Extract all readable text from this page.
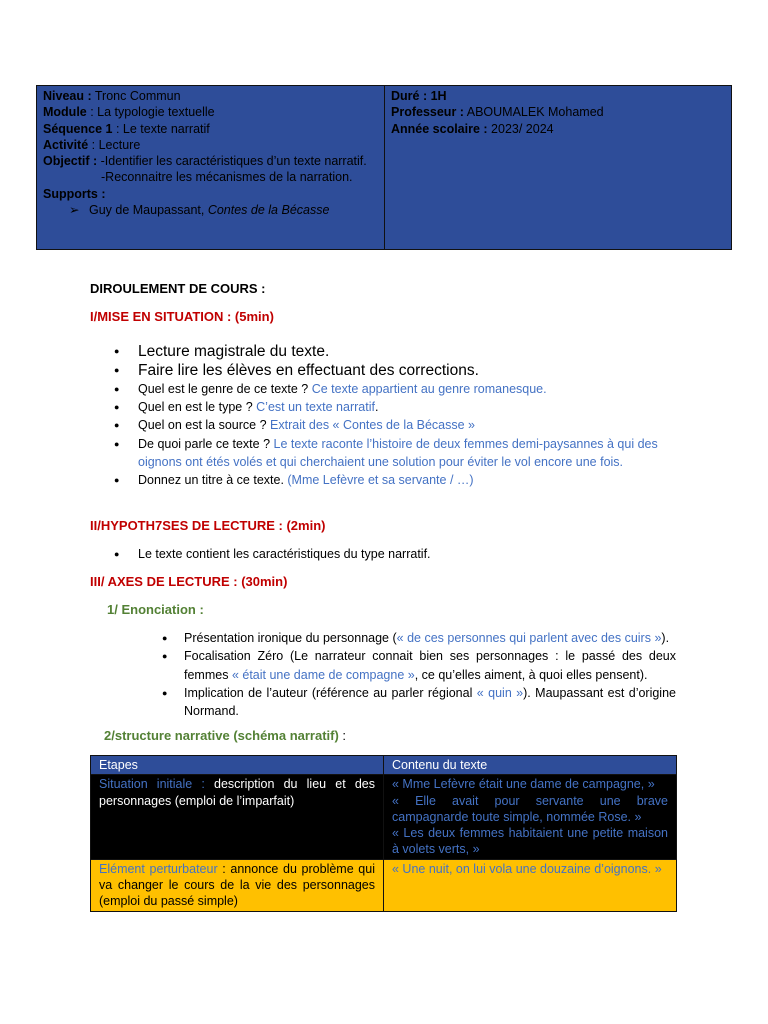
Niveau : Tronc Commun
Module : La typologie textuelle
Séquence 1 : Le texte narratif
Activité : Lecture
Objectif : -Identifier les caractéristiques d’un texte narratif.
-Reconnaitre les mécanismes de la narration.
Supports :
➢ Guy de Maupassant, Contes de la Bécasse
Duré : 1H
Professeur : ABOUMALEK Mohamed
Année scolaire : 2023/ 2024
DIROULEMENT DE COURS :
I/MISE EN SITUATION : (5min)
● Lecture magistrale du texte.
● Faire lire les élèves en effectuant des corrections.
● Quel est le genre de ce texte ? Ce texte appartient au genre romanesque.
● Quel en est le type ? C’est un texte narratif.
● Quel on est la source ? Extrait des « Contes de la Bécasse »
● De quoi parle ce texte ? Le texte raconte l’histoire de deux femmes demi-paysannes à qui des oignons ont étés volés et qui cherchaient une solution pour éviter le vol encore une fois.
● Donnez un titre à ce texte. (Mme Lefèvre et sa servante / …)
II/HYPOTH7SES DE LECTURE : (2min)
● Le texte contient les caractéristiques du type narratif.
III/ AXES DE LECTURE : (30min)
1/ Enonciation :
● Présentation ironique du personnage (« de ces personnes qui parlent avec des cuirs »).
● Focalisation Zéro (Le narrateur connait bien ses personnages : le passé des deux femmes « était une dame de compagne », ce qu’elles aiment, à quoi elles pensent).
● Implication de l’auteur (référence au parler régional « quin »). Maupassant est d’origine Normand.
2/structure narrative (schéma narratif) :
Etapes	Contenu du texte
Situation initiale : description du lieu et des personnages (emploi de l’imparfait)	« Mme Lefèvre était une dame de campagne, »
« Elle avait pour servante une brave campagnarde toute simple, nommée Rose. »
« Les deux femmes habitaient une petite maison à volets verts, »

Elément perturbateur : annonce du problème qui va changer le cours de la vie des personnages (emploi du passé simple)	« Une nuit, on lui vola une douzaine d’oignons. »
